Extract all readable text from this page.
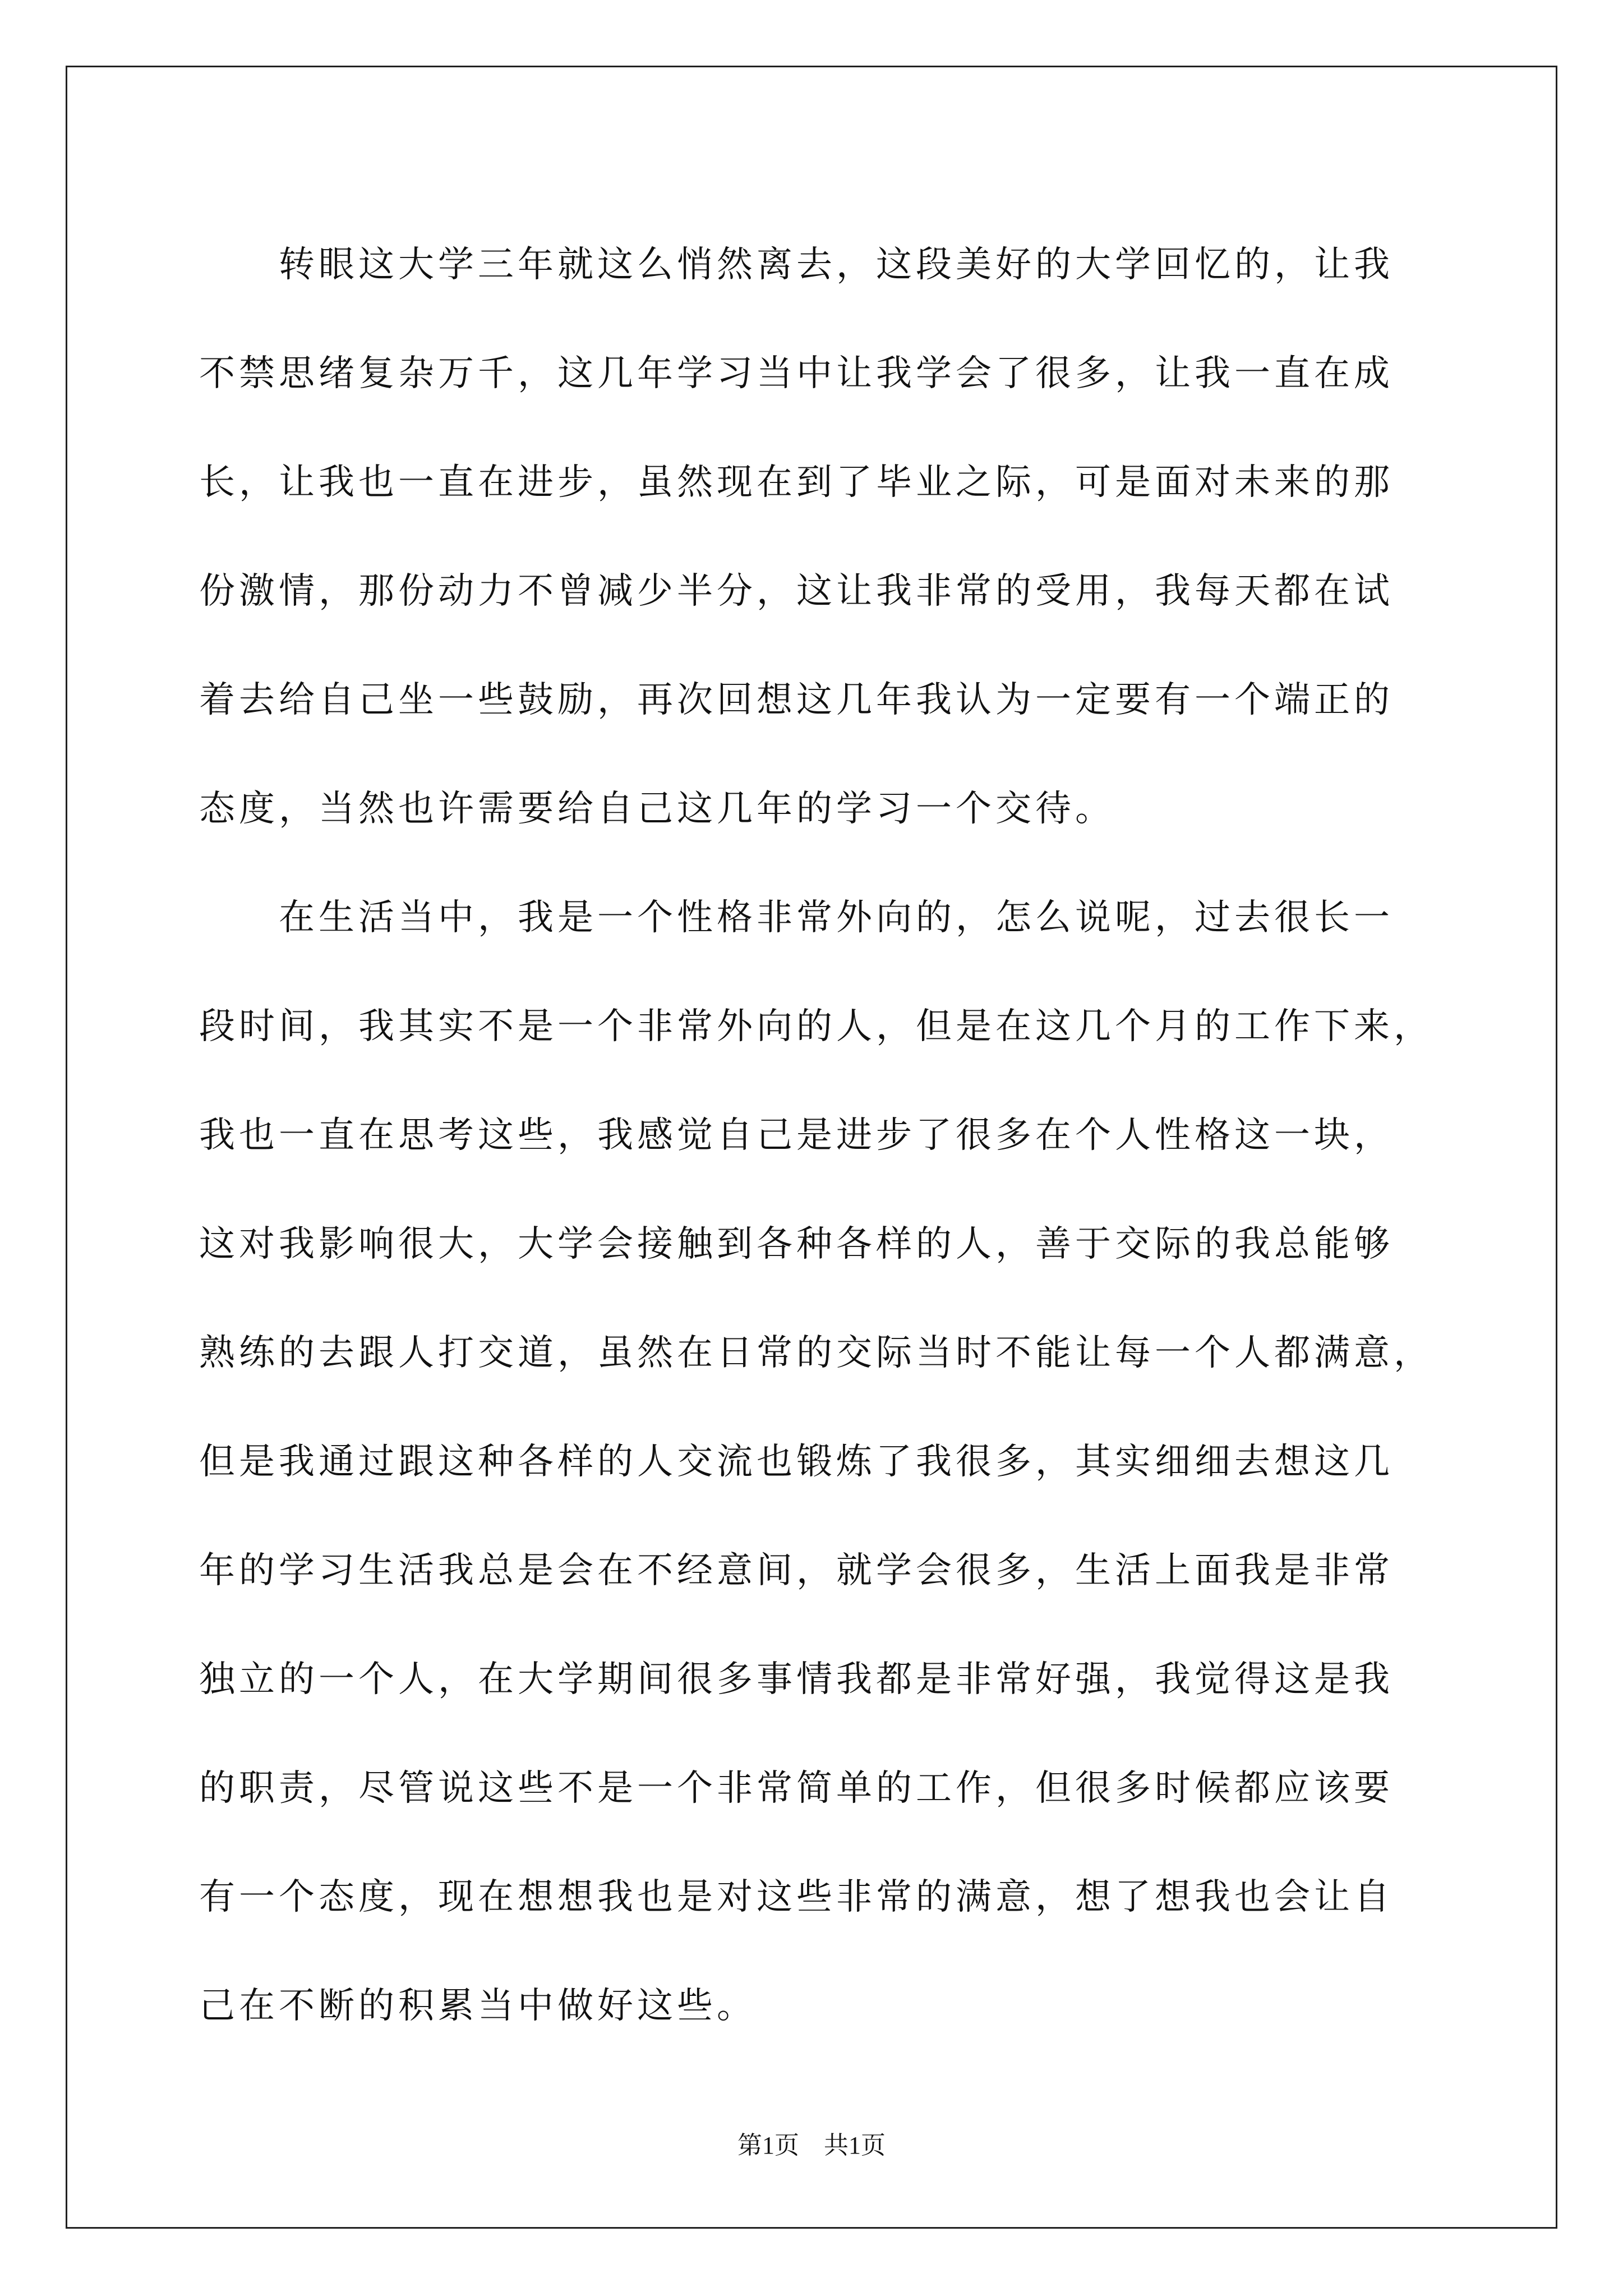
　　转眼这大学三年就这么悄然离去，这段美好的大学回忆的，让我
不禁思绪复杂万千，这几年学习当中让我学会了很多，让我一直在成
长，让我也一直在进步，虽然现在到了毕业之际，可是面对未来的那
份激情，那份动力不曾减少半分，这让我非常的受用，我每天都在试
着去给自己坐一些鼓励，再次回想这几年我认为一定要有一个端正的
态度，当然也许需要给自己这几年的学习一个交待。
　　在生活当中，我是一个性格非常外向的，怎么说呢，过去很长一
段时间，我其实不是一个非常外向的人，但是在这几个月的工作下来，
我也一直在思考这些，我感觉自己是进步了很多在个人性格这一块，
这对我影响很大，大学会接触到各种各样的人，善于交际的我总能够
熟练的去跟人打交道，虽然在日常的交际当时不能让每一个人都满意，
但是我通过跟这种各样的人交流也锻炼了我很多，其实细细去想这几
年的学习生活我总是会在不经意间，就学会很多，生活上面我是非常
独立的一个人，在大学期间很多事情我都是非常好强，我觉得这是我
的职责，尽管说这些不是一个非常简单的工作，但很多时候都应该要
有一个态度，现在想想我也是对这些非常的满意，想了想我也会让自
己在不断的积累当中做好这些。
第1页　共1页
